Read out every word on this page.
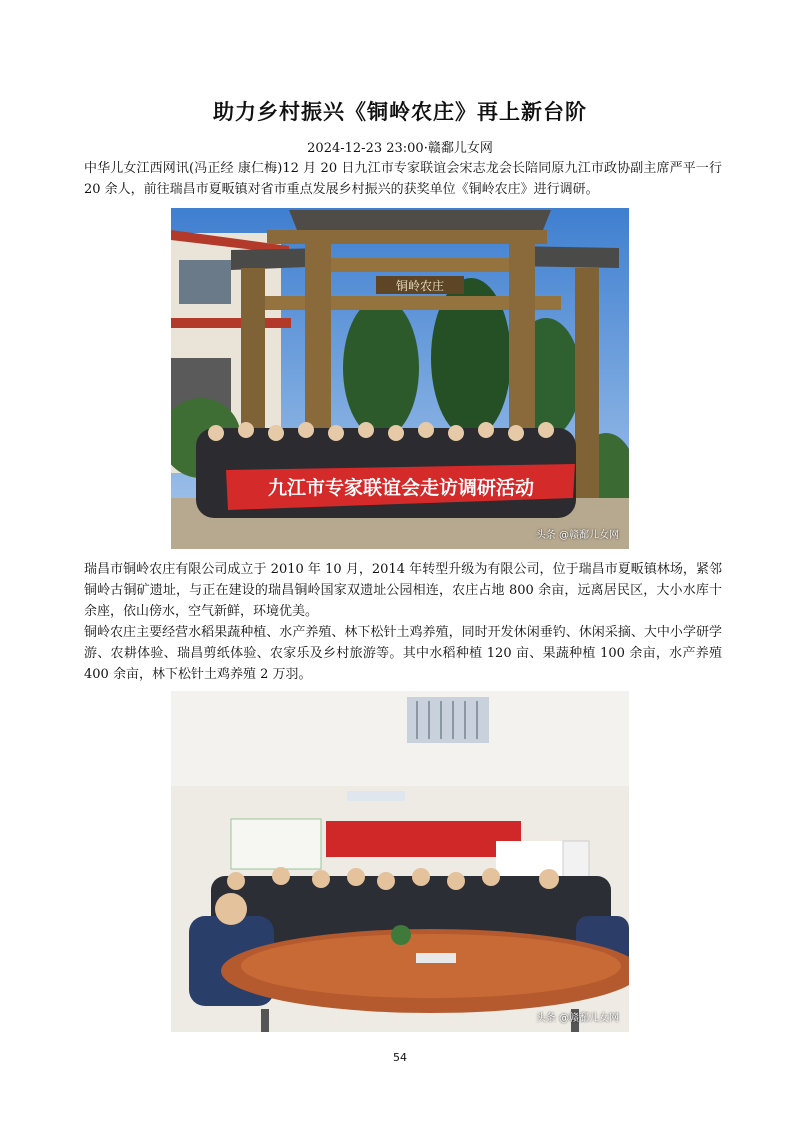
助力乡村振兴《铜岭农庄》再上新台阶
2024-12-23 23:00·赣鄱儿女网
中华儿女江西网讯(冯正经 康仁梅)12 月 20 日九江市专家联谊会宋志龙会长陪同原九江市政协副主席严平一行 20 余人，前往瑞昌市夏畈镇对省市重点发展乡村振兴的获奖单位《铜岭农庄》进行调研。
铜岭农庄
九江市专家联谊会走访调研活动
头条 @赣鄱儿女网
瑞昌市铜岭农庄有限公司成立于 2010 年 10 月，2014 年转型升级为有限公司，位于瑞昌市夏畈镇林场，紧邻铜岭古铜矿遗址，与正在建设的瑞昌铜岭国家双遗址公园相连，农庄占地 800 余亩，远离居民区，大小水库十余座，依山傍水，空气新鲜，环境优美。
铜岭农庄主要经营水稻果蔬种植、水产养殖、林下松针土鸡养殖，同时开发休闲垂钓、休闲采摘、大中小学研学游、农耕体验、瑞昌剪纸体验、农家乐及乡村旅游等。其中水稻种植 120 亩、果蔬种植 100 余亩，水产养殖 400 余亩，林下松针土鸡养殖 2 万羽。
头条 @赣鄱儿女网
54
